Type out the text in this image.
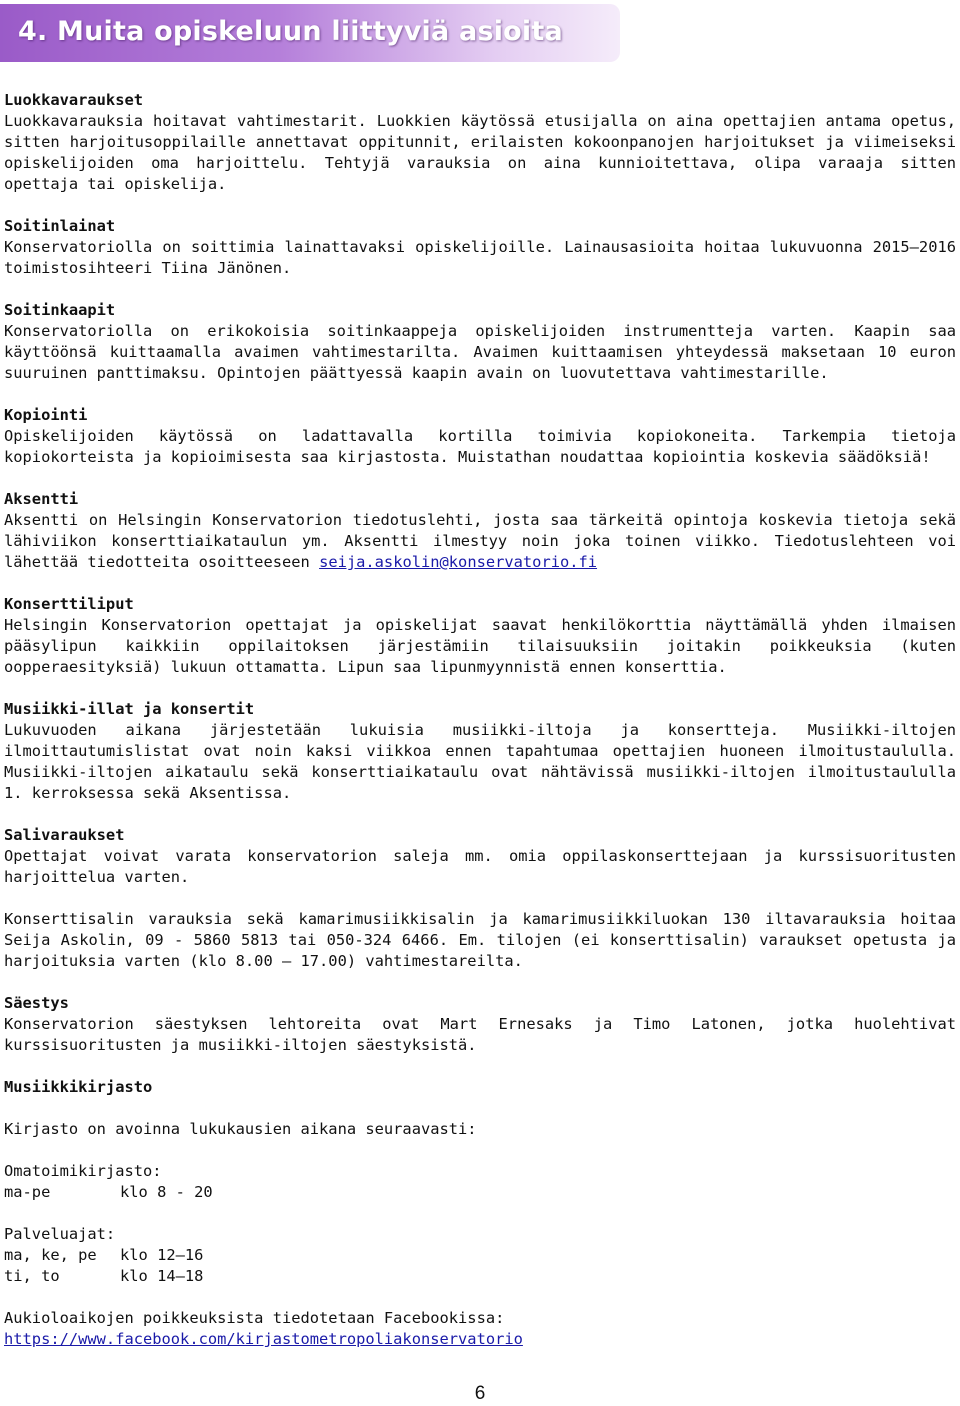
4. Muita opiskeluun liittyviä asioita
Luokkavaraukset

Luokkavarauksia hoitavat vahtimestarit. Luokkien käytössä etusijalla on aina opettajien antama opetus, sitten harjoitusoppilaille annettavat oppitunnit, erilaisten kokoonpanojen harjoitukset ja viimeiseksi opiskelijoiden oma harjoittelu. Tehtyjä varauksia on aina kunnioitettava, olipa varaaja sitten opettaja tai opiskelija.

Soitinlainat

Konservatoriolla on soittimia lainattavaksi opiskelijoille. Lainausasioita hoitaa lukuvuonna 2015–2016 toimistosihteeri Tiina Jänönen.

Soitinkaapit

Konservatoriolla on erikokoisia soitinkaappeja opiskelijoiden instrumentteja varten. Kaapin saa käyttöönsä kuittaamalla avaimen vahtimestarilta. Avaimen kuittaamisen yhteydessä maksetaan 10 euron suuruinen panttimaksu. Opintojen päättyessä kaapin avain on luovutettava vahtimestarille.

Kopiointi

Opiskelijoiden käytössä on ladattavalla kortilla toimivia kopiokoneita. Tarkempia tietoja kopiokorteista ja kopioimisesta saa kirjastosta. Muistathan noudattaa kopiointia koskevia säädöksiä!

Aksentti

Aksentti on Helsingin Konservatorion tiedotuslehti, josta saa tärkeitä opintoja koskevia tietoja sekä lähiviikon konserttiaikataulun ym. Aksentti ilmestyy noin joka toinen viikko. Tiedotuslehteen voi lähettää tiedotteita osoitteeseen seija.askolin@konservatorio.fi

Konserttiliput

Helsingin Konservatorion opettajat ja opiskelijat saavat henkilökorttia näyttämällä yhden ilmaisen pääsylipun kaikkiin oppilaitoksen järjestämiin tilaisuuksiin joitakin poikkeuksia (kuten oopperaesityksiä) lukuun ottamatta. Lipun saa lipunmyynnistä ennen konserttia.

Musiikki-illat ja konsertit

Lukuvuoden aikana järjestetään lukuisia musiikki-iltoja ja konsertteja. Musiikki-iltojen ilmoittautumislistat ovat noin kaksi viikkoa ennen tapahtumaa opettajien huoneen ilmoitustaululla. Musiikki-iltojen aikataulu sekä konserttiaikataulu ovat nähtävissä musiikki-iltojen ilmoitustaululla 1. kerroksessa sekä Aksentissa.

Salivaraukset

Opettajat voivat varata konservatorion saleja mm. omia oppilaskonserttejaan ja kurssisuoritusten harjoittelua varten.

Konserttisalin varauksia sekä kamarimusiikkisalin ja kamarimusiikkiluokan 130 iltavarauksia hoitaa Seija Askolin, 09 - 5860 5813 tai 050-324 6466. Em. tilojen (ei konserttisalin) varaukset opetusta ja harjoituksia varten (klo 8.00 – 17.00) vahtimestareilta.

Säestys

Konservatorion säestyksen lehtoreita ovat Mart Ernesaks ja Timo Latonen, jotka huolehtivat kurssisuoritusten ja musiikki-iltojen säestyksistä.

Musiikkikirjasto
Kirjasto on avoinna lukukausien aikana seuraavasti:
Omatoimikirjasto:
ma-pe	klo 8 - 20
Palveluajat:
ma, ke, pe	klo 12–16
ti, to	klo 14–18
Aukioloaikojen poikkeuksista tiedotetaan Facebookissa:
https://www.facebook.com/kirjastometropoliakonservatorio
6
